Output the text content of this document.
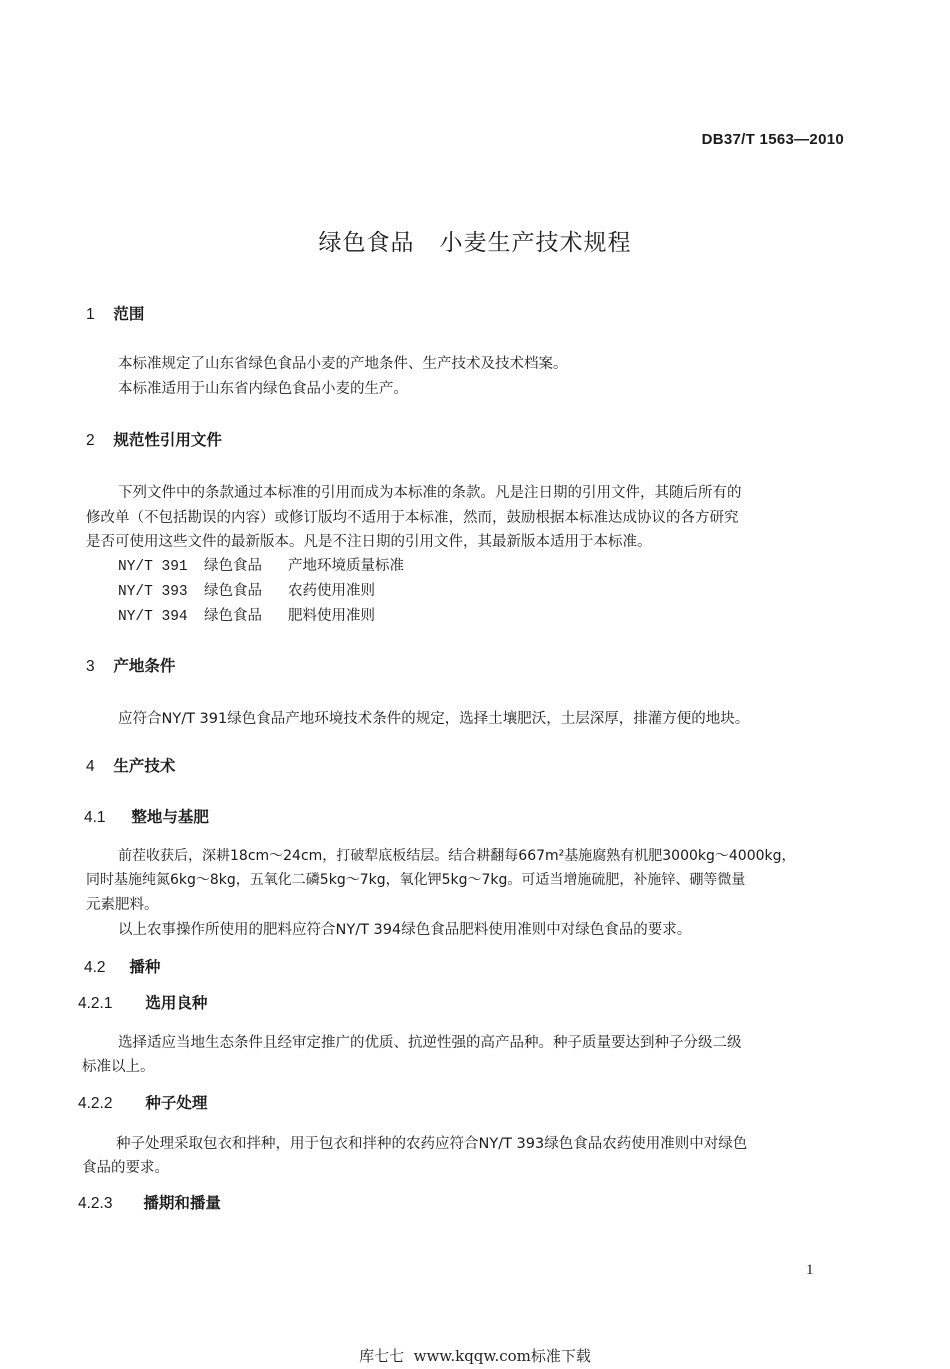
DB37/T 1563—2010
绿色食品   小麦生产技术规程
1 范围
本标准规定了山东省绿色食品小麦的产地条件、生产技术及技术档案。
本标准适用于山东省内绿色食品小麦的生产。
2 规范性引用文件
下列文件中的条款通过本标准的引用而成为本标准的条款。凡是注日期的引用文件，其随后所有的
修改单（不包括勘误的内容）或修订版均不适用于本标准，然而，鼓励根据本标准达成协议的各方研究
是否可使用这些文件的最新版本。凡是不注日期的引用文件，其最新版本适用于本标准。
NY/T 391 绿色食品 产地环境质量标准
NY/T 393 绿色食品 农药使用准则
NY/T 394 绿色食品 肥料使用准则
3 产地条件
应符合NY/T 391绿色食品产地环境技术条件的规定，选择土壤肥沃，土层深厚，排灌方便的地块。
4 生产技术
4.1 整地与基肥
前茬收获后，深耕18cm～24cm，打破犁底板结层。结合耕翻每667m²基施腐熟有机肥3000kg～4000kg，
同时基施纯氮6kg～8kg，五氧化二磷5kg～7kg，氧化钾5kg～7kg。可适当增施硫肥，补施锌、硼等微量
元素肥料。
以上农事操作所使用的肥料应符合NY/T 394绿色食品肥料使用准则中对绿色食品的要求。
4.2 播种
4.2.1 选用良种
选择适应当地生态条件且经审定推广的优质、抗逆性强的高产品种。种子质量要达到种子分级二级
标准以上。
4.2.2 种子处理
种子处理采取包衣和拌种，用于包衣和拌种的农药应符合NY/T 393绿色食品农药使用准则中对绿色
食品的要求。
4.2.3 播期和播量
1
库七七  www.kqqw.com标准下载
